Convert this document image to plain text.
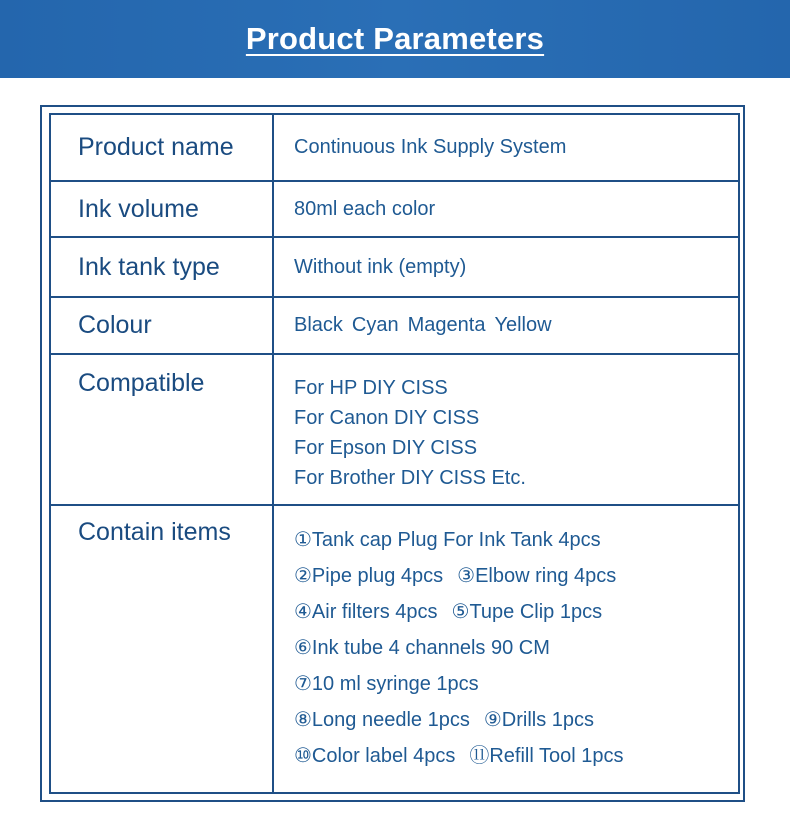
Product Parameters
Product name	Continuous Ink Supply System
Ink volume	80ml each color
Ink tank type	Without ink (empty)
Colour	Black Cyan Magenta Yellow
Compatible	For HP DIY CISS
For Canon DIY CISS
For Epson DIY CISS
For Brother DIY CISS Etc.
Contain items	①Tank cap Plug For Ink Tank 4pcs
②Pipe plug 4pcs ③Elbow ring 4pcs
④Air filters 4pcs ⑤Tupe Clip 1pcs
⑥Ink tube 4 channels 90 CM
⑦10 ml syringe 1pcs
⑧Long needle 1pcs ⑨Drills 1pcs
⑩Color label 4pcs ⑪Refill Tool 1pcs
